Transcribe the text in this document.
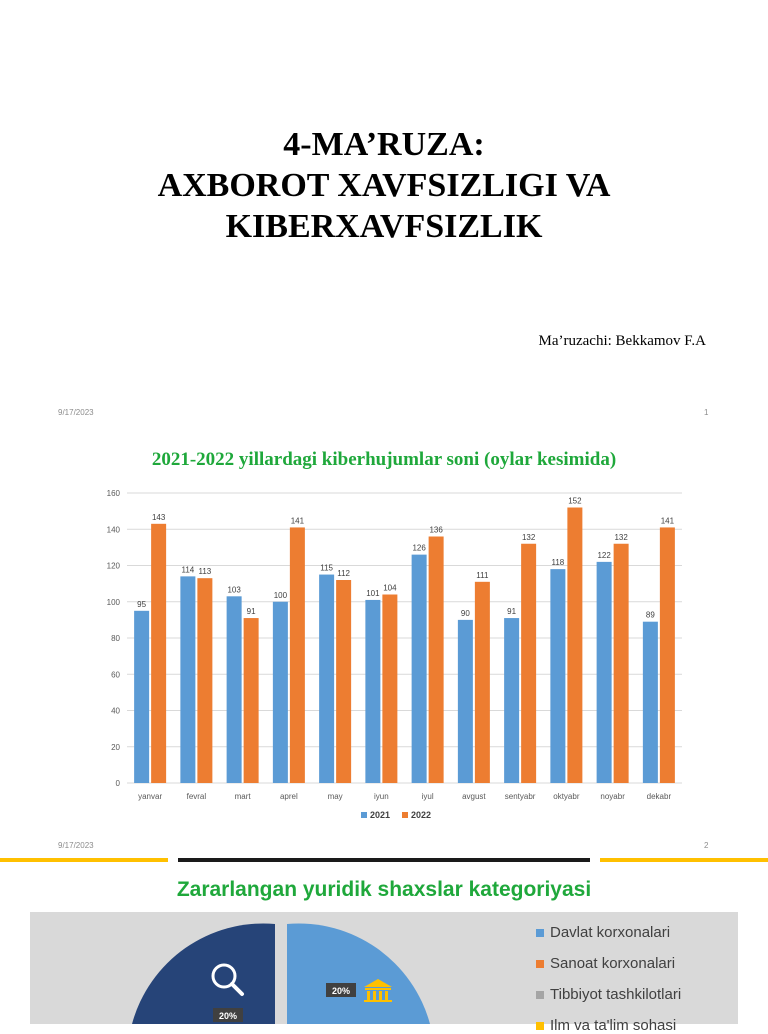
4-MA’RUZA:
AXBOROT XAVFSIZLIGI VA
KIBERXAVFSIZLIK
Ma’ruzachi: Bekkamov F.A
9/17/2023	1
2021-2022 yillardagi kiberhujumlar soni (oylar kesimida)
0
20
40
60
80
100
120
140
160
95
143
yanvar
114 113
fevral
103
91
mart
100
141
aprel
115
112
may
101
104
iyun
126
136
iyul
90
111
avgust
91
132
sentyabr
118
152
oktyabr
122
132
noyabr
89
141
dekabr
2021 2022
9/17/2023	2
Zararlangan yuridik shaxslar kategoriyasi
20%
20%
Davlat korxonalari
Sanoat korxonalari
Tibbiyot tashkilotlari
Ilm va ta'lim sohasi
